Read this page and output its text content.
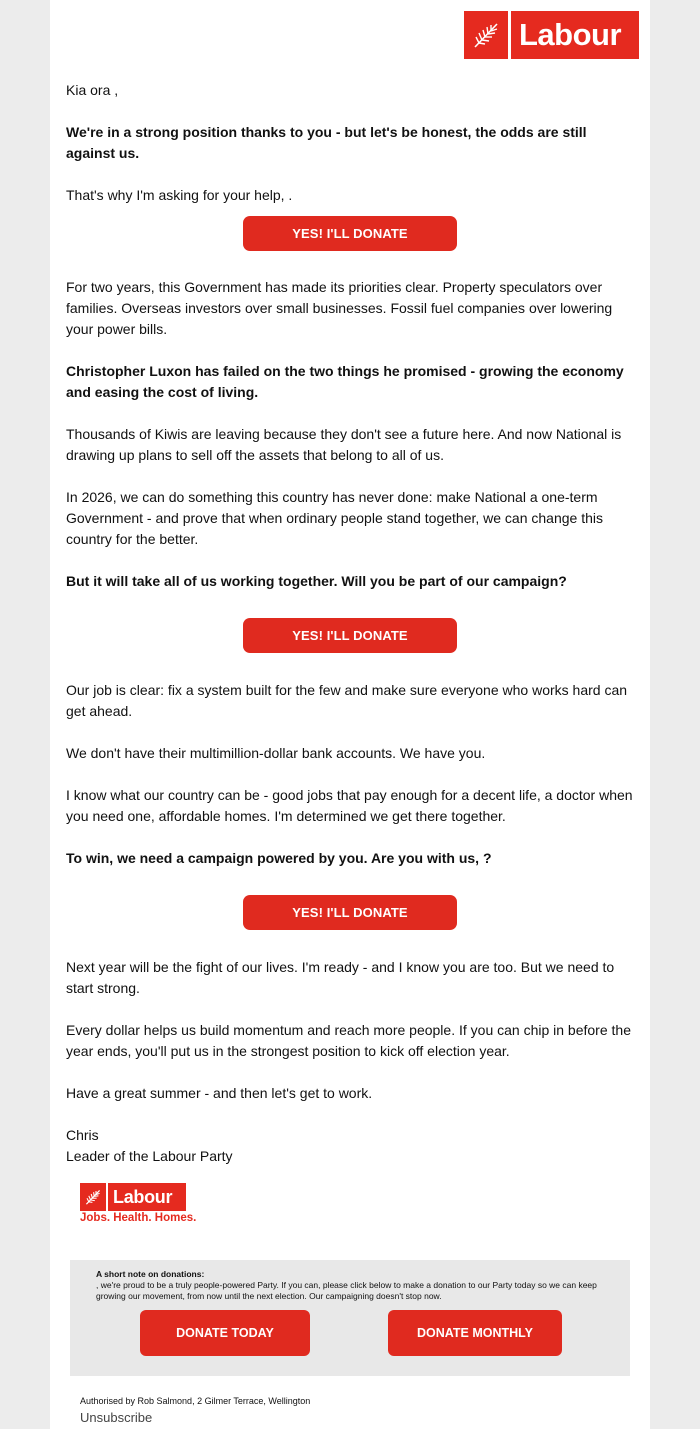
Labour

Kia ora ,

We're in a strong position thanks to you - but let's be honest, the odds are still against us.

That's why I'm asking for your help, .

YES! I'LL DONATE

For two years, this Government has made its priorities clear. Property speculators over families. Overseas investors over small businesses. Fossil fuel companies over lowering your power bills.

Christopher Luxon has failed on the two things he promised - growing the economy and easing the cost of living.

Thousands of Kiwis are leaving because they don't see a future here. And now National is drawing up plans to sell off the assets that belong to all of us.

In 2026, we can do something this country has never done: make National a one-term Government - and prove that when ordinary people stand together, we can change this country for the better.

But it will take all of us working together. Will you be part of our campaign?

YES! I'LL DONATE

Our job is clear: fix a system built for the few and make sure everyone who works hard can get ahead.

We don't have their multimillion-dollar bank accounts. We have you.

I know what our country can be - good jobs that pay enough for a decent life, a doctor when you need one, affordable homes. I'm determined we get there together.

To win, we need a campaign powered by you. Are you with us, ?

YES! I'LL DONATE

Next year will be the fight of our lives. I'm ready - and I know you are too. But we need to start strong.

Every dollar helps us build momentum and reach more people. If you can chip in before the year ends, you'll put us in the strongest position to kick off election year.

Have a great summer - and then let's get to work.

Chris

Leader of the Labour Party

Labour
Jobs. Health. Homes.
A short note on donations:
, we're proud to be a truly people-powered Party. If you can, please click below to make a donation to our Party today so we can keep growing our movement, from now until the next election. Our campaigning doesn't stop now.
DONATE TODAY	DONATE MONTHLY
Authorised by Rob Salmond, 2 Gilmer Terrace, Wellington
Unsubscribe
